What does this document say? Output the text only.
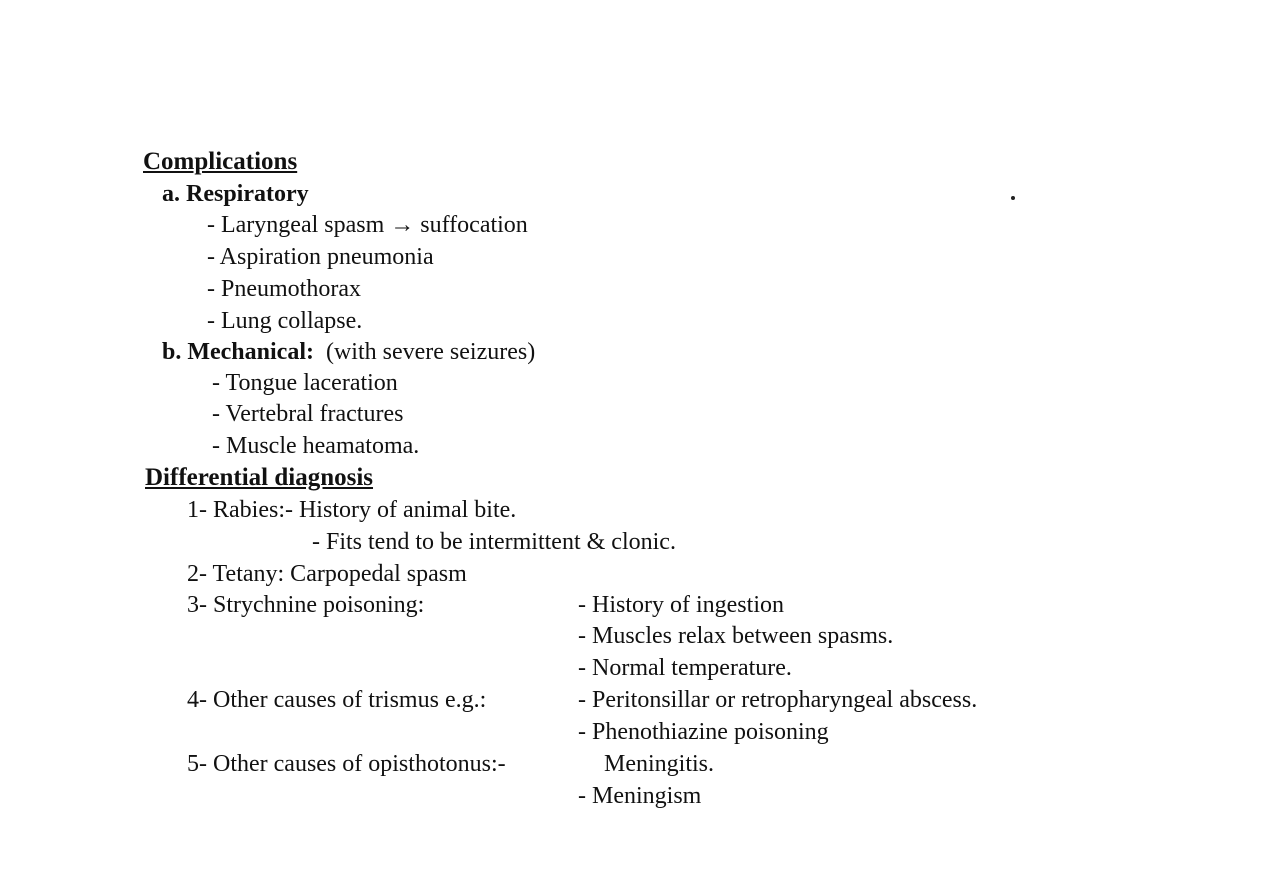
Complications
a. Respiratory
- Laryngeal spasm → suffocation
- Aspiration pneumonia
- Pneumothorax
- Lung collapse.
b. Mechanical: (with severe seizures)
- Tongue laceration
- Vertebral fractures
- Muscle heamatoma.
Differential diagnosis
1- Rabies:- History of animal bite.
- Fits tend to be intermittent & clonic.
2- Tetany: Carpopedal spasm
3- Strychnine poisoning:	- History of ingestion
- Muscles relax between spasms.
- Normal temperature.
4- Other causes of trismus e.g.:	- Peritonsillar or retropharyngeal abscess.
- Phenothiazine poisoning
5- Other causes of opisthotonus:-	Meningitis.
- Meningism
